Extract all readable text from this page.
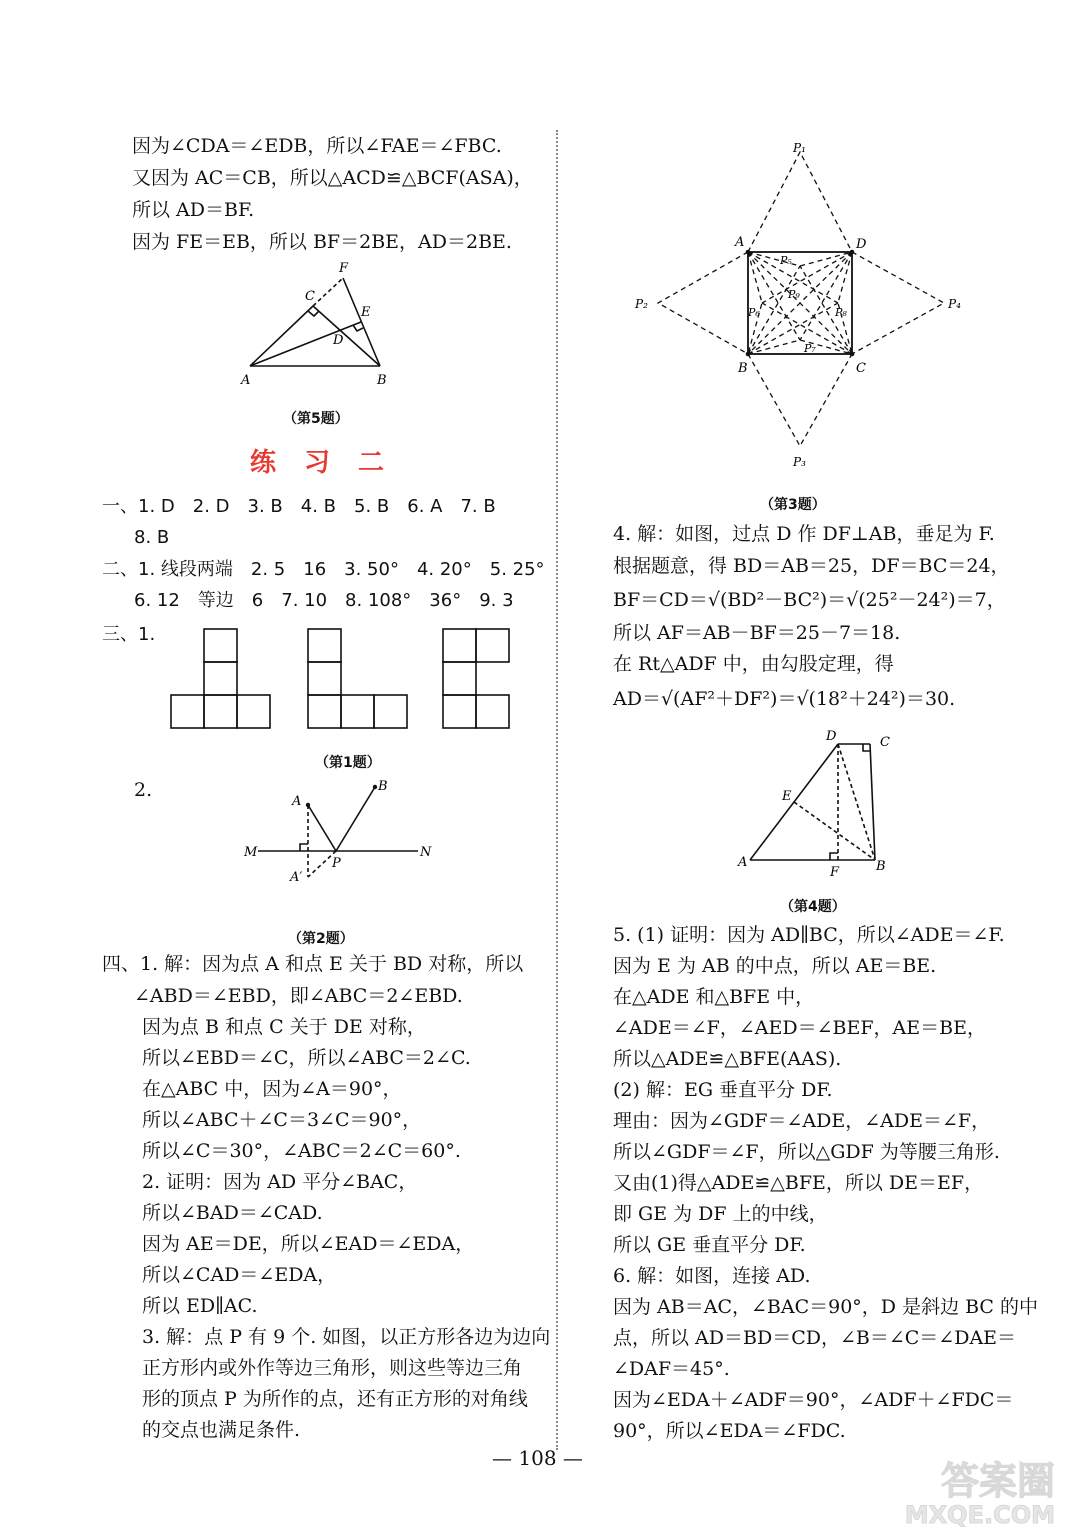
因为∠CDA＝∠EDB，所以∠FAE＝∠FBC.
又因为 AC＝CB，所以△ACD≌△BCF(ASA)，
所以 AD＝BF.
因为 FE＝EB，所以 BF＝2BE，AD＝2BE.
A	B
C
D
E
F
（第5题）
练习二
一、1. D　2. D　3. B　4. B　5. B　6. A　7. B
8. B
二、1. 线段两端　2. 5　16　3. 50°　4. 20°　5. 25°
6. 12　等边　6　7. 10　8. 108°　36°　9. 3
三、1.
（第1题）
2.
A
B
M	N
P
A′
（第2题）
四、1. 解：因为点 A 和点 E 关于 BD 对称，所以
∠ABD＝∠EBD，即∠ABC＝2∠EBD.
因为点 B 和点 C 关于 DE 对称，
所以∠EBD＝∠C，所以∠ABC＝2∠C.
在△ABC 中，因为∠A＝90°，
所以∠ABC＋∠C＝3∠C＝90°，
所以∠C＝30°，∠ABC＝2∠C＝60°.
2. 证明：因为 AD 平分∠BAC，
所以∠BAD＝∠CAD.
因为 AE＝DE，所以∠EAD＝∠EDA，
所以∠CAD＝∠EDA，
所以 ED∥AC.
3. 解：点 P 有 9 个. 如图，以正方形各边为边向
正方形内或外作等边三角形，则这些等边三角
形的顶点 P 为所作的点，还有正方形的对角线
的交点也满足条件.
A	D
B	C
P₁
P₂
P₃
P₄
P₅
P₆
P₇
P₈
P₉
（第3题）
4. 解：如图，过点 D 作 DF⊥AB，垂足为 F.
根据题意，得 BD＝AB＝25，DF＝BC＝24，
BF＝CD＝√(BD²－BC²)＝√(25²－24²)＝7，
所以 AF＝AB－BF＝25－7＝18.
在 Rt△ADF 中，由勾股定理，得
AD＝√(AF²＋DF²)＝√(18²＋24²)＝30.
A	B
C
D
E
F
（第4题）
5. (1) 证明：因为 AD∥BC，所以∠ADE＝∠F.
因为 E 为 AB 的中点，所以 AE＝BE.
在△ADE 和△BFE 中，
∠ADE＝∠F，∠AED＝∠BEF，AE＝BE，
所以△ADE≌△BFE(AAS).
(2) 解：EG 垂直平分 DF.
理由：因为∠GDF＝∠ADE，∠ADE＝∠F，
所以∠GDF＝∠F，所以△GDF 为等腰三角形.
又由(1)得△ADE≌△BFE，所以 DE＝EF，
即 GE 为 DF 上的中线，
所以 GE 垂直平分 DF.
6. 解：如图，连接 AD.
因为 AB＝AC，∠BAC＝90°，D 是斜边 BC 的中
点，所以 AD＝BD＝CD，∠B＝∠C＝∠DAE＝
∠DAF＝45°.
因为∠EDA＋∠ADF＝90°，∠ADF＋∠FDC＝
90°，所以∠EDA＝∠FDC.
— 108 —
答案圈
MXQE.COM
